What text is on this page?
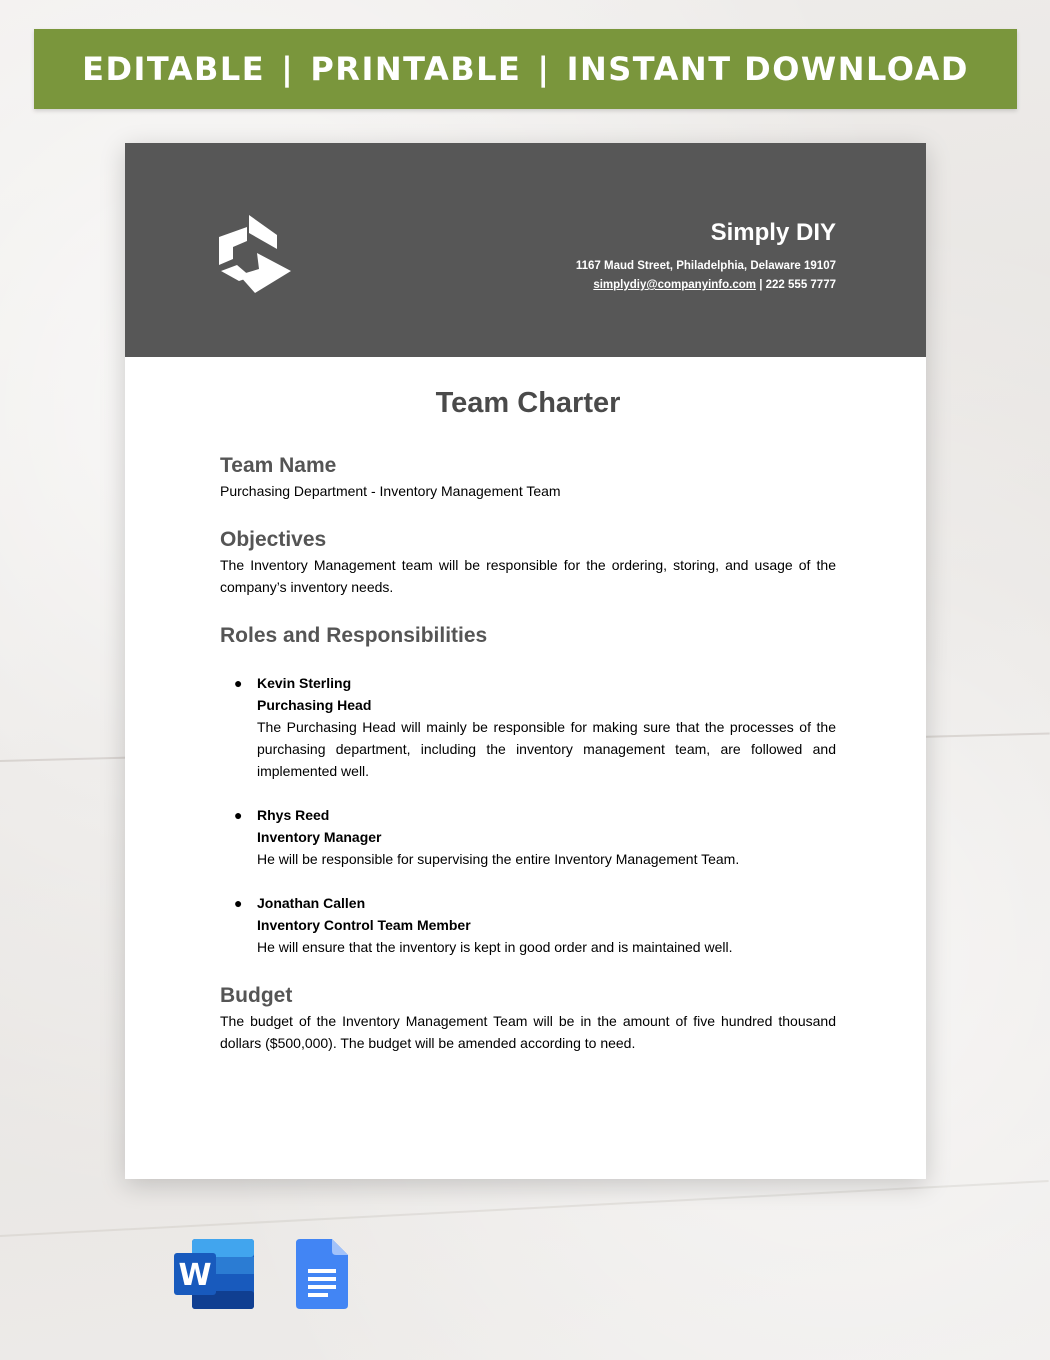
EDITABLE | PRINTABLE | INSTANT DOWNLOAD
Simply DIY
1167 Maud Street, Philadelphia, Delaware 19107
simplydiy@companyinfo.com | 222 555 7777
Team Charter
Team Name

Purchasing Department - Inventory Management Team

Objectives

The Inventory Management team will be responsible for the ordering, storing, and usage of the company’s inventory needs.

Roles and Responsibilities
● Kevin Sterling
Purchasing Head
The Purchasing Head will mainly be responsible for making sure that the processes of the purchasing department, including the inventory management team, are followed and implemented well.
● Rhys Reed
Inventory Manager
He will be responsible for supervising the entire Inventory Management Team.
● Jonathan Callen
Inventory Control Team Member
He will ensure that the inventory is kept in good order and is maintained well.
Budget

The budget of the Inventory Management Team will be in the amount of five hundred thousand dollars ($500,000). The budget will be amended according to need.

W
